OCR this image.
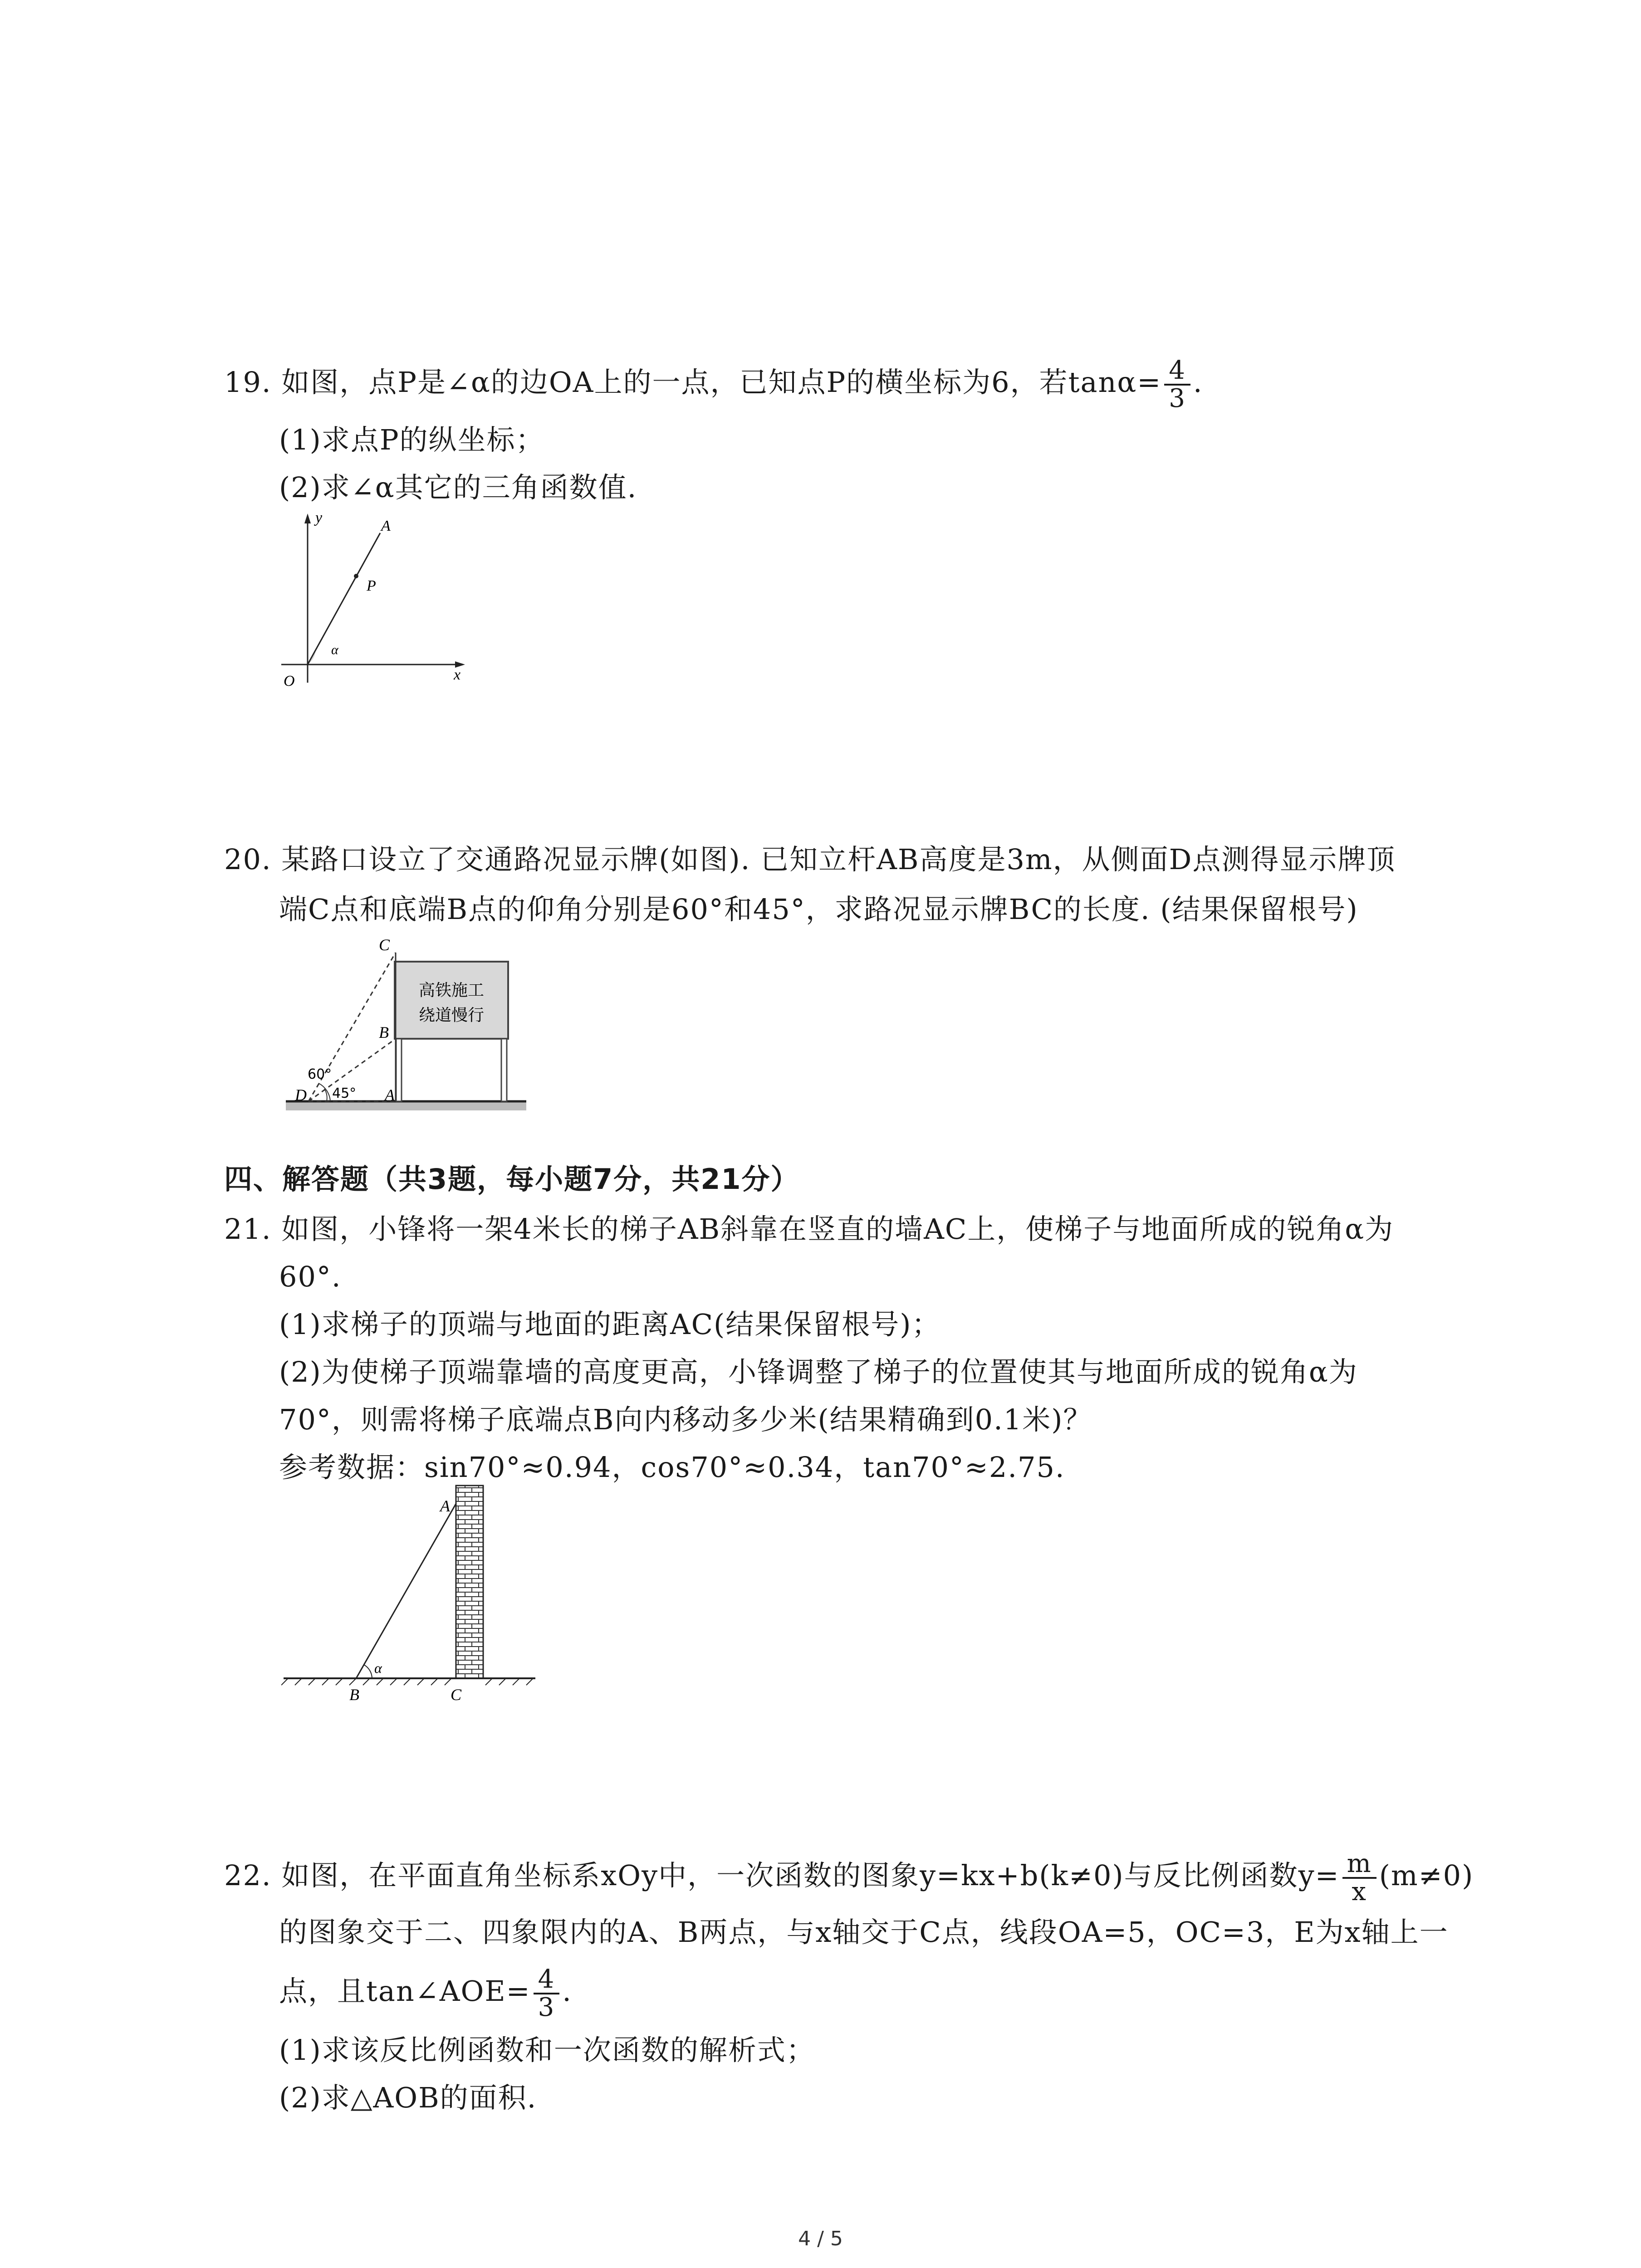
19. 如图，点P是∠α的边OA上的一点，已知点P的横坐标为6，若$\tan\alpha= \frac{4}{3}$ .
(1)求点P的纵坐标；
(2)求∠α其它的三角函数值.
y	A
P
α
O	x
20. 某路口设立了交通路况显示牌(如图). 已知立杆AB高度是3m，从侧面D点测得显示牌顶
端C点和底端B点的仰角分别是60°和45°，求路况显示牌BC的长度. (结果保留根号)
高铁施工
绕道慢行
C
B
D	A
60°
45°
四、解答题（共3题，每小题7分，共21分）
21. 如图，小锋将一架4米长的梯子AB斜靠在竖直的墙AC上，使梯子与地面所成的锐角α为
60°.
(1)求梯子的顶端与地面的距离AC(结果保留根号)；
(2)为使梯子顶端靠墙的高度更高，小锋调整了梯子的位置使其与地面所成的锐角α为
70°，则需将梯子底端点B向内移动多少米(结果精确到0.1米)？
参考数据：sin70°≈0.94，cos70°≈0.34，tan70°≈2.75.
A
α
B	C
22. 如图，在平面直角坐标系xOy中，一次函数的图象y=kx+b(k≠0)与反比例函数$y= \frac{m}{x} (m\ne 0)$
的图象交于二、四象限内的A、B两点，与x轴交于C点，线段OA=5，OC=3，E为x轴上一
点，且tan∠AOE= $\frac{4}{3}$ .
(1)求该反比例函数和一次函数的解析式；
(2)求△AOB的面积.
4 / 5
